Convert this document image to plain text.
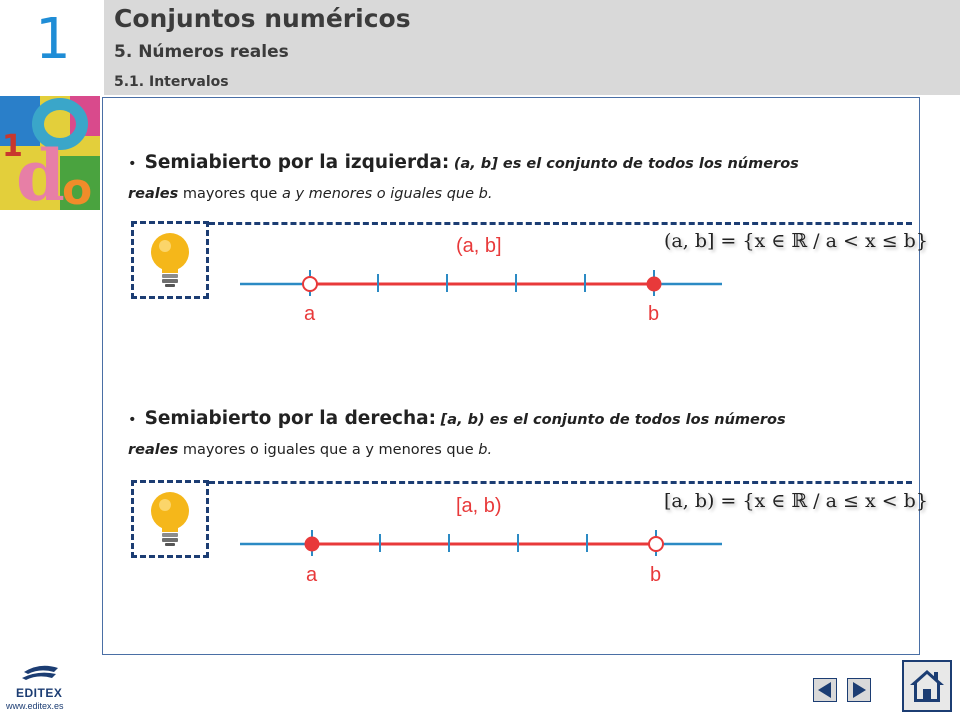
1 Conjuntos numéricos
5. Números reales
5.1. Intervalos
d
o
1	• Semiabierto por la izquierda: (a, b] es el conjunto de todos los números
reales mayores que a y menores o iguales que b.
(a, b]
a	b
(a, b] = {x ∈ ℝ / a < x ≤ b}
• Semiabierto por la derecha: [a, b) es el conjunto de todos los números
reales mayores o iguales que a y menores que b.
[a, b)
a	b
[a, b) = {x ∈ ℝ / a ≤ x < b}
EDITEX
www.editex.es
